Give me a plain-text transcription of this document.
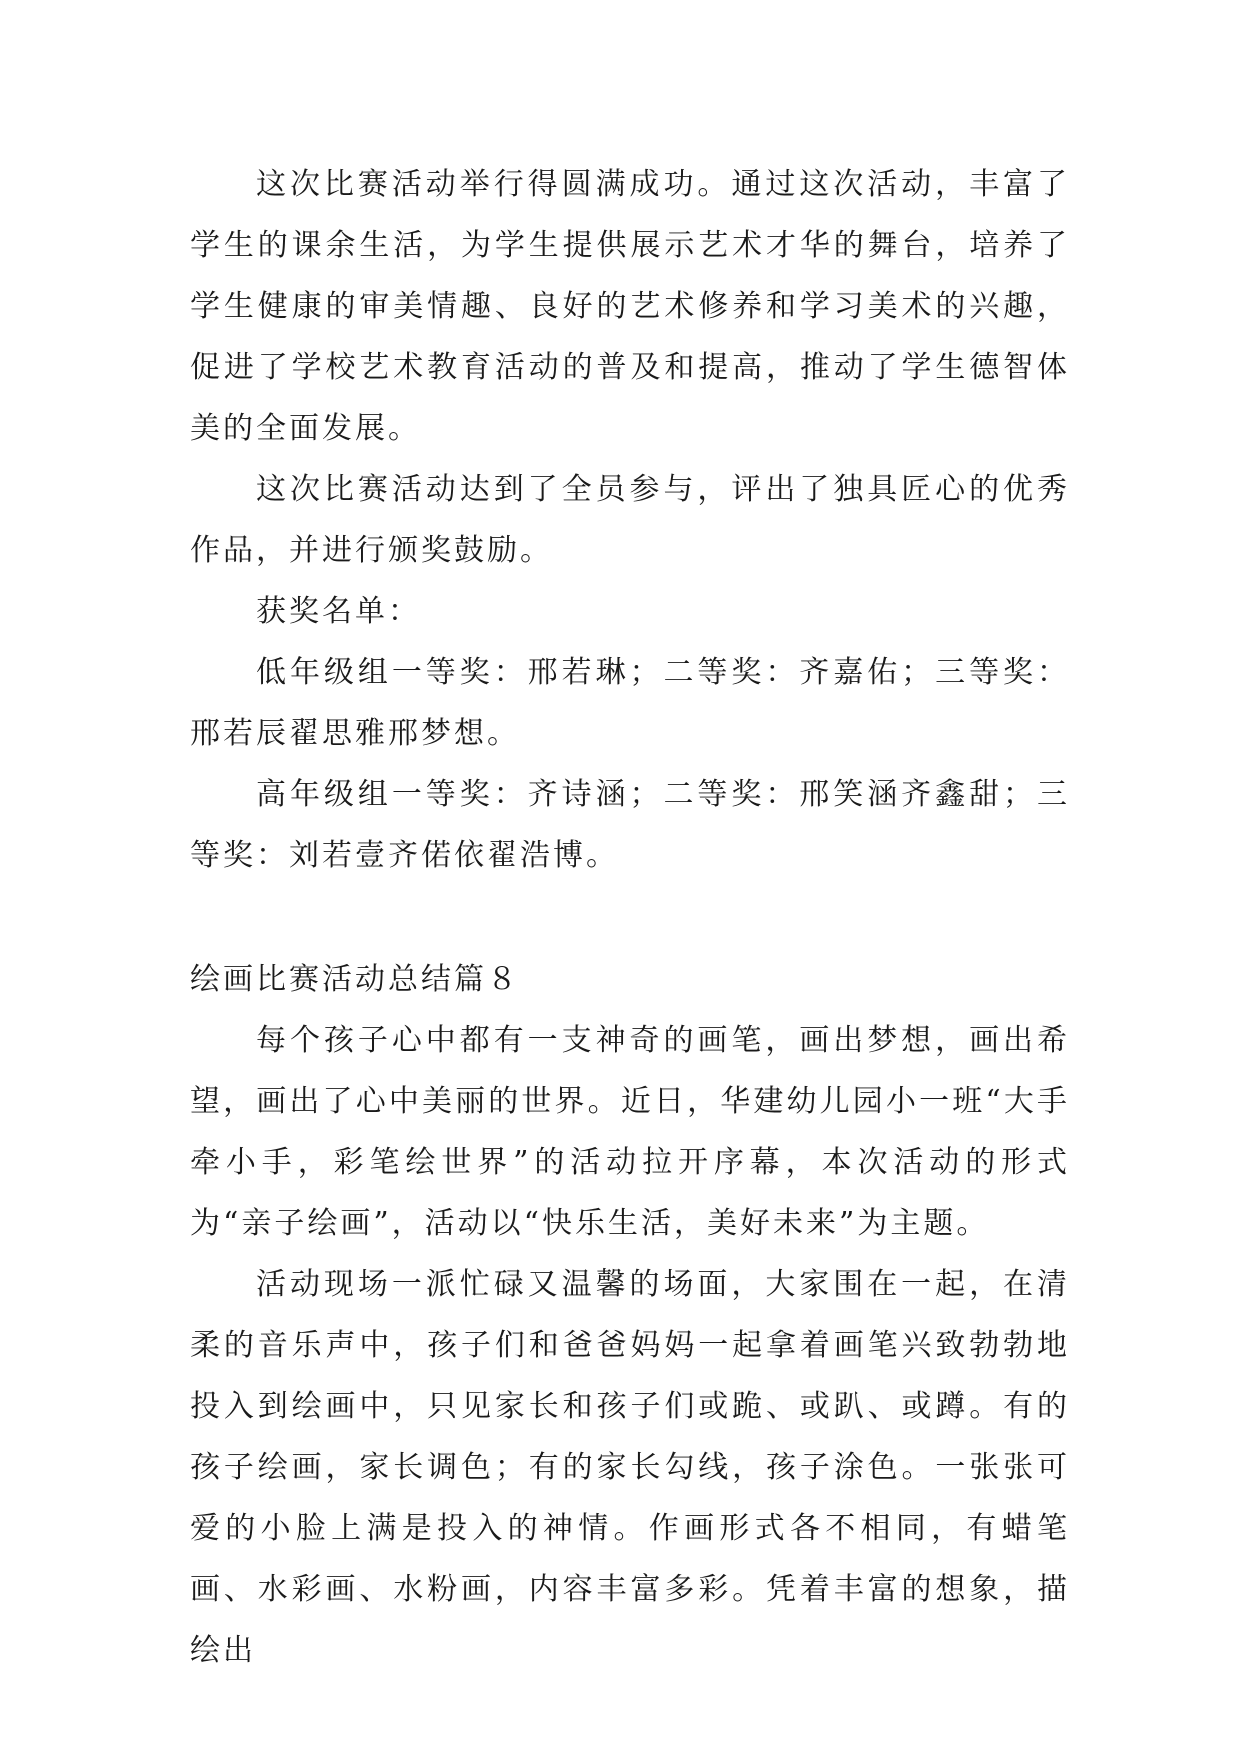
这次比赛活动举行得圆满成功。通过这次活动，丰富了学生的课余生活，为学生提供展示艺术才华的舞台，培养了学生健康的审美情趣、良好的艺术修养和学习美术的兴趣，促进了学校艺术教育活动的普及和提高，推动了学生德智体美的全面发展。

这次比赛活动达到了全员参与，评出了独具匠心的优秀作品，并进行颁奖鼓励。

获奖名单：

低年级组一等奖：邢若琳；二等奖：齐嘉佑；三等奖：邢若辰翟思雅邢梦想。

高年级组一等奖：齐诗涵；二等奖：邢笑涵齐鑫甜；三等奖：刘若壹齐偌依翟浩博。

绘画比赛活动总结篇８

每个孩子心中都有一支神奇的画笔，画出梦想，画出希望，画出了心中美丽的世界。近日，华建幼儿园小一班“大手牵小手，彩笔绘世界”的活动拉开序幕，本次活动的形式为“亲子绘画”，活动以“快乐生活，美好未来”为主题。

活动现场一派忙碌又温馨的场面，大家围在一起，在清柔的音乐声中，孩子们和爸爸妈妈一起拿着画笔兴致勃勃地投入到绘画中，只见家长和孩子们或跪、或趴、或蹲。有的孩子绘画，家长调色；有的家长勾线，孩子涂色。一张张可爱的小脸上满是投入的神情。作画形式各不相同，有蜡笔画、水彩画、水粉画，内容丰富多彩。凭着丰富的想象，描绘出
